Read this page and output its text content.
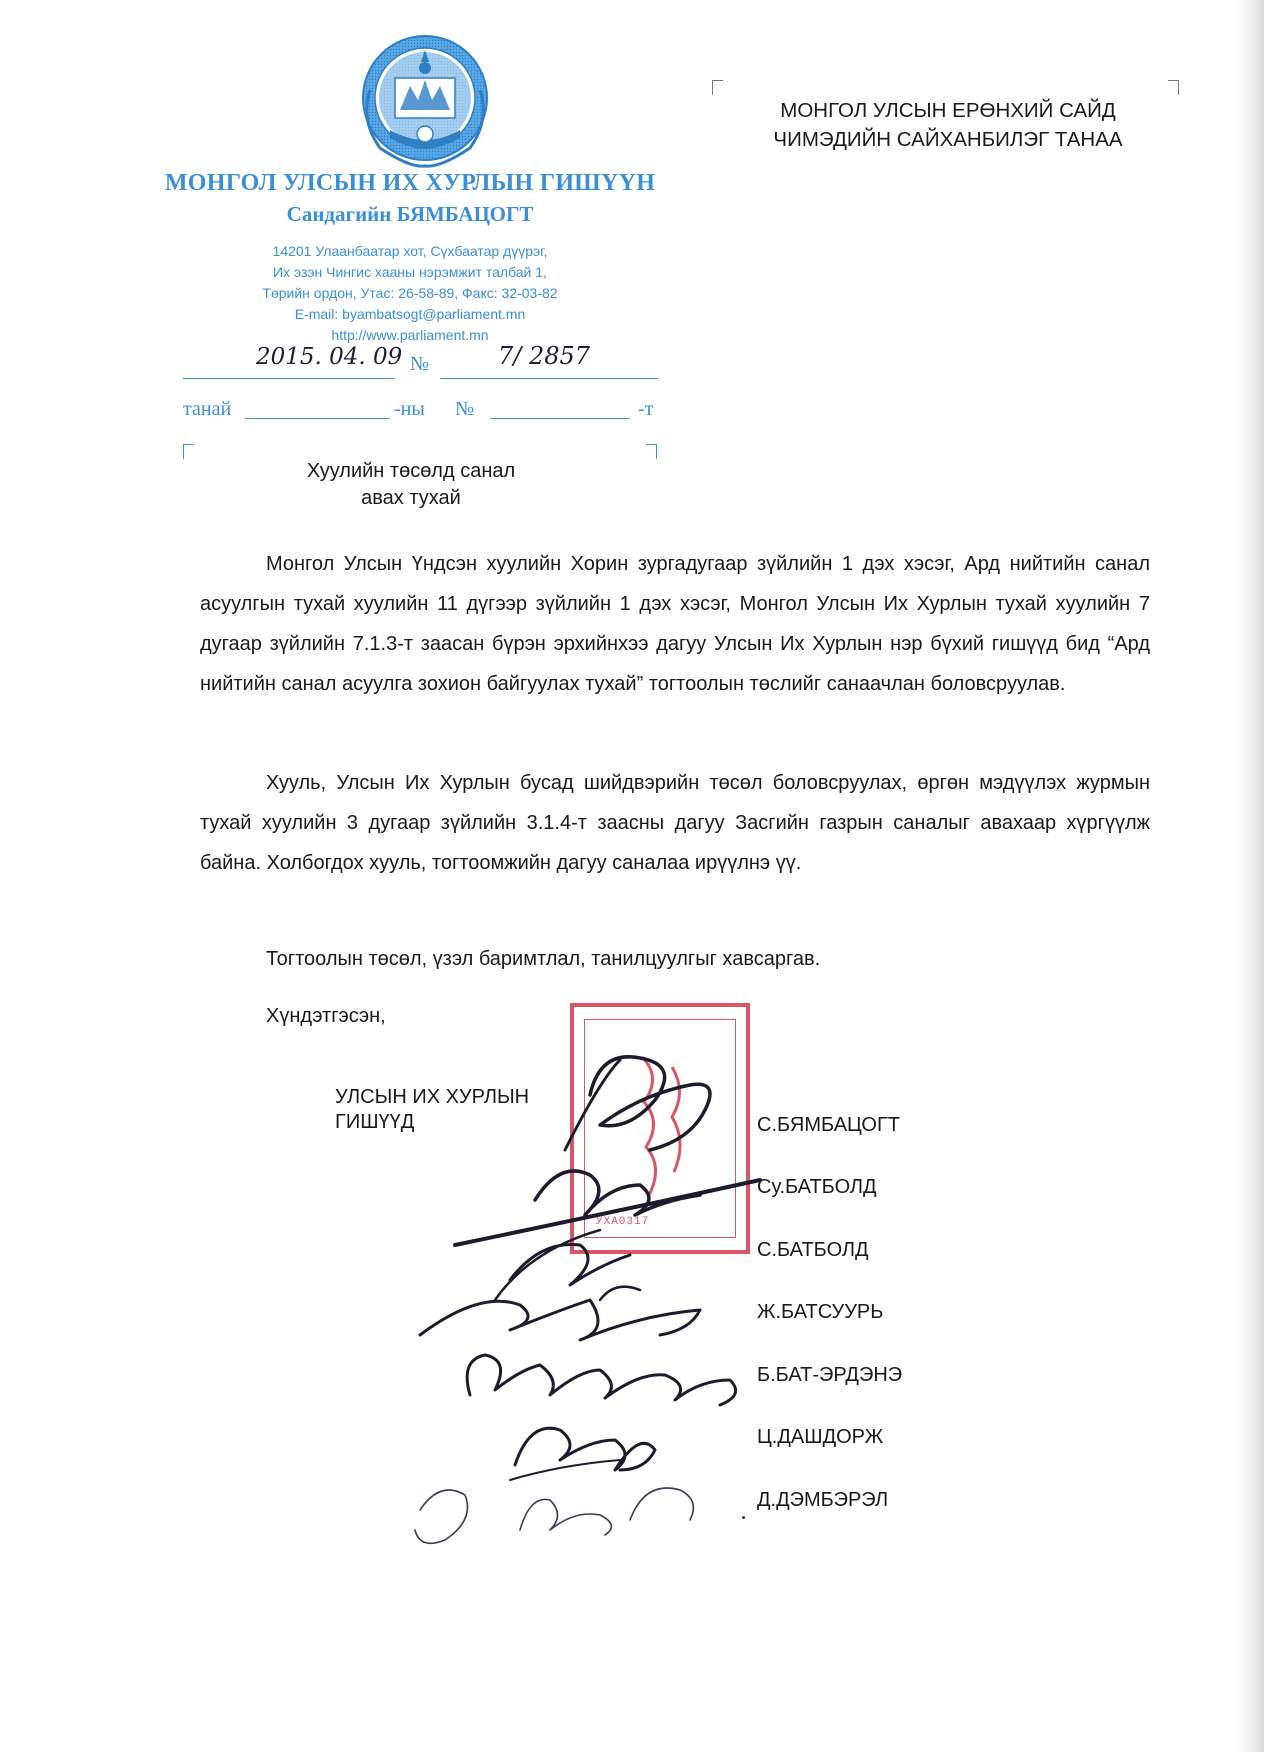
МОНГОЛ УЛСЫН ИХ ХУРЛЫН ГИШҮҮН
Сандагийн БЯМБАЦОГТ
14201 Улаанбаатар хот, Сүхбаатар дүүрэг,
Их эзэн Чингис хааны нэрэмжит талбай 1,
Төрийн ордон, Утас: 26-58-89, Факс: 32-03-82
E-mail: byambatsogt@parliament.mn
http://www.parliament.mn
№
2015. 04. 09	7/ 2857
танай	-ны №	-т
МОНГОЛ УЛСЫН ЕРӨНХИЙ САЙД
ЧИМЭДИЙН САЙХАНБИЛЭГ ТАНАА
Хуулийн төсөлд санал
авах тухай

Монгол Улсын Үндсэн хуулийн Хорин зургадугаар зүйлийн 1 дэх хэсэг, Ард нийтийн санал асуулгын тухай хуулийн 11 дүгээр зүйлийн 1 дэх хэсэг, Монгол Улсын Их Хурлын тухай хуулийн 7 дугаар зүйлийн 7.1.3-т заасан бүрэн эрхийнхээ дагуу Улсын Их Хурлын нэр бүхий гишүүд бид “Ард нийтийн санал асуулга зохион байгуулах тухай” тогтоолын төслийг санаачлан боловсруулав.

Хууль, Улсын Их Хурлын бусад шийдвэрийн төсөл боловсруулах, өргөн мэдүүлэх журмын тухай хуулийн 3 дугаар зүйлийн 3.1.4-т заасны дагуу Засгийн газрын саналыг авахаар хүргүүлж байна. Холбогдох хууль, тогтоомжийн дагуу саналаа ирүүлнэ үү.

Тогтоолын төсөл, үзэл баримтлал, танилцуулгыг хавсаргав.
Хүндэтгэсэн,
УХА0317
УЛСЫН ИХ ХУРЛЫН
ГИШҮҮД	С.БЯМБАЦОГТ
Су.БАТБОЛД
С.БАТБОЛД
Ж.БАТСУУРЬ
Б.БАТ-ЭРДЭНЭ
Ц.ДАШДОРЖ
Д.ДЭМБЭРЭЛ
